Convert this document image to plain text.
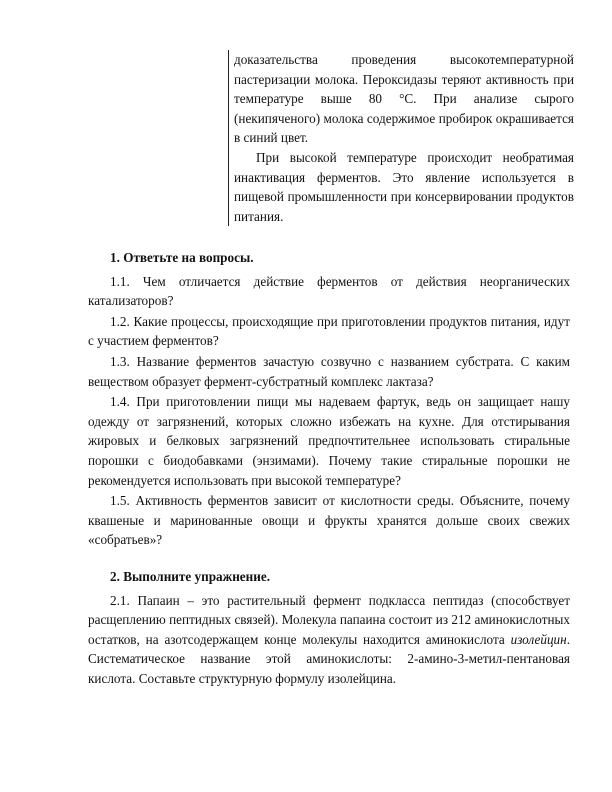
доказательства проведения высокотемпературной пастеризации молока. Пероксидазы теряют активность при температуре выше 80 °С. При анализе сырого (некипяченого) молока содержимое пробирок окрашивается в синий цвет.

При высокой температуре происходит необратимая инактивация ферментов. Это явление используется в пищевой промышленности при консервировании продуктов питания.

1. Ответьте на вопросы.

1.1. Чем отличается действие ферментов от действия неорганических катализаторов?

1.2. Какие процессы, происходящие при приготовлении продуктов питания, идут с участием ферментов?

1.3. Название ферментов зачастую созвучно с названием субстрата. С каким веществом образует фермент-субстратный комплекс лактаза?

1.4. При приготовлении пищи мы надеваем фартук, ведь он защищает нашу одежду от загрязнений, которых сложно избежать на кухне. Для отстирывания жировых и белковых загрязнений предпочтительнее использовать стиральные порошки с биодобавками (энзимами). Почему такие стиральные порошки не рекомендуется использовать при высокой температуре?

1.5. Активность ферментов зависит от кислотности среды. Объясните, почему квашеные и маринованные овощи и фрукты хранятся дольше своих свежих «собратьев»?

2. Выполните упражнение.

2.1. Папаин – это растительный фермент подкласса пептидаз (способствует расщеплению пептидных связей). Молекула папаина состоит из 212 аминокислотных остатков, на азотсодержащем конце молекулы находится аминокислота изолейцин. Систематическое название этой аминокислоты: 2-амино-3-метил-пентановая кислота. Составьте структурную формулу изолейцина.
